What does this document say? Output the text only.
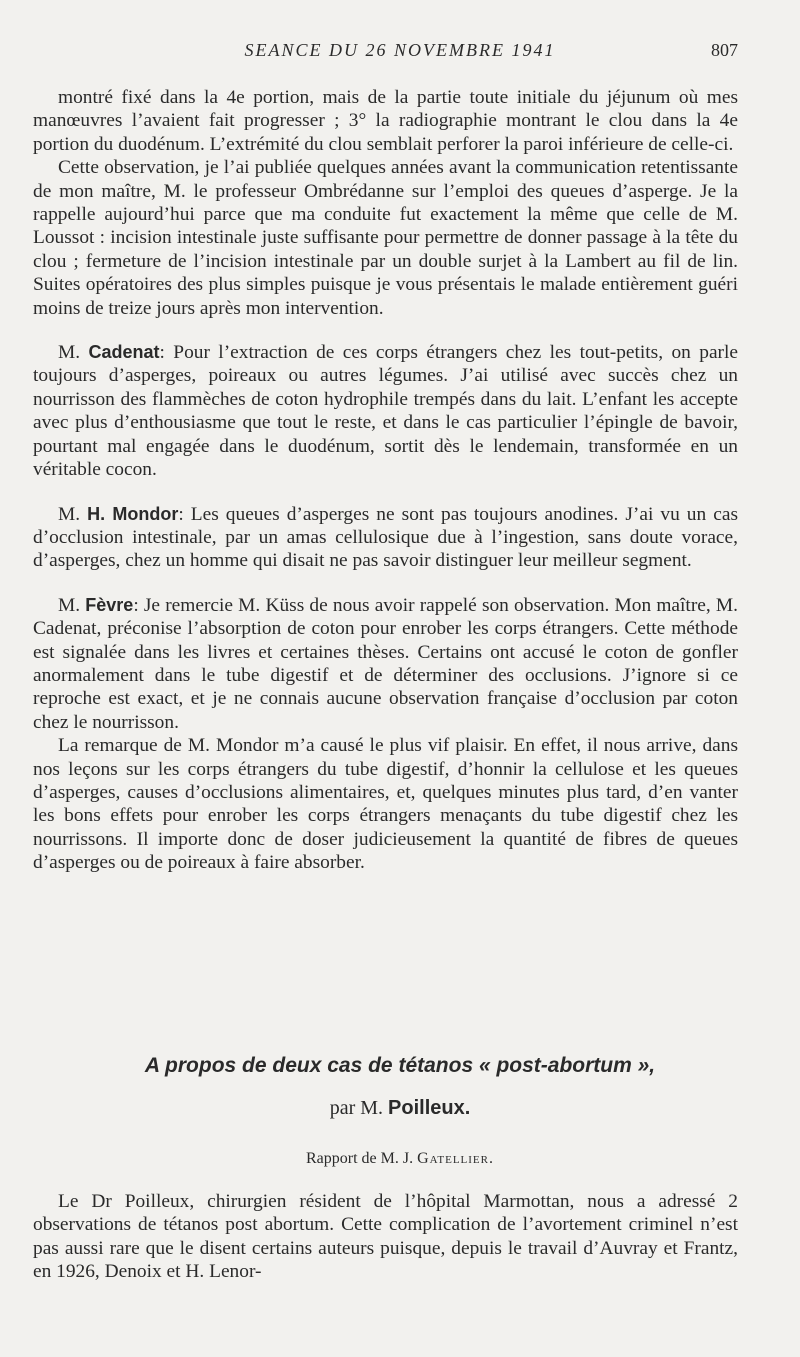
SEANCE DU 26 NOVEMBRE 1941	807

montré fixé dans la 4e portion, mais de la partie toute initiale du jéjunum où mes manœuvres l’avaient fait progresser ; 3° la radiographie montrant le clou dans la 4e portion du duodénum. L’extrémité du clou semblait perforer la paroi inférieure de celle-ci.

Cette observation, je l’ai publiée quelques années avant la communication retentissante de mon maître, M. le professeur Ombrédanne sur l’emploi des queues d’asperge. Je la rappelle aujourd’hui parce que ma conduite fut exactement la même que celle de M. Loussot : incision intestinale juste suffisante pour permettre de donner passage à la tête du clou ; fermeture de l’incision intestinale par un double surjet à la Lambert au fil de lin. Suites opératoires des plus simples puisque je vous présentais le malade entièrement guéri moins de treize jours après mon intervention.

M. Cadenat: Pour l’extraction de ces corps étrangers chez les tout-petits, on parle toujours d’asperges, poireaux ou autres légumes. J’ai utilisé avec succès chez un nourrisson des flammèches de coton hydrophile trempés dans du lait. L’enfant les accepte avec plus d’enthousiasme que tout le reste, et dans le cas particulier l’épingle de bavoir, pourtant mal engagée dans le duodénum, sortit dès le lendemain, transformée en un véritable cocon.

M. H. Mondor: Les queues d’asperges ne sont pas toujours anodines. J’ai vu un cas d’occlusion intestinale, par un amas cellulosique due à l’ingestion, sans doute vorace, d’asperges, chez un homme qui disait ne pas savoir distinguer leur meilleur segment.

M. Fèvre: Je remercie M. Küss de nous avoir rappelé son observation. Mon maître, M. Cadenat, préconise l’absorption de coton pour enrober les corps étrangers. Cette méthode est signalée dans les livres et certaines thèses. Certains ont accusé le coton de gonfler anormalement dans le tube digestif et de déterminer des occlusions. J’ignore si ce reproche est exact, et je ne connais aucune observation française d’occlusion par coton chez le nourrisson.

La remarque de M. Mondor m’a causé le plus vif plaisir. En effet, il nous arrive, dans nos leçons sur les corps étrangers du tube digestif, d’honnir la cellulose et les queues d’asperges, causes d’occlusions alimentaires, et, quelques minutes plus tard, d’en vanter les bons effets pour enrober les corps étrangers menaçants du tube digestif chez les nourrissons. Il importe donc de doser judicieusement la quantité de fibres de queues d’asperges ou de poireaux à faire absorber.

A propos de deux cas de tétanos « post-abortum »,
par M. Poilleux.
Rapport de M. J. Gatellier.

Le Dr Poilleux, chirurgien résident de l’hôpital Marmottan, nous a adressé 2 observations de tétanos post abortum. Cette complication de l’avortement criminel n’est pas aussi rare que le disent certains auteurs puisque, depuis le travail d’Auvray et Frantz, en 1926, Denoix et H. Lenor-
